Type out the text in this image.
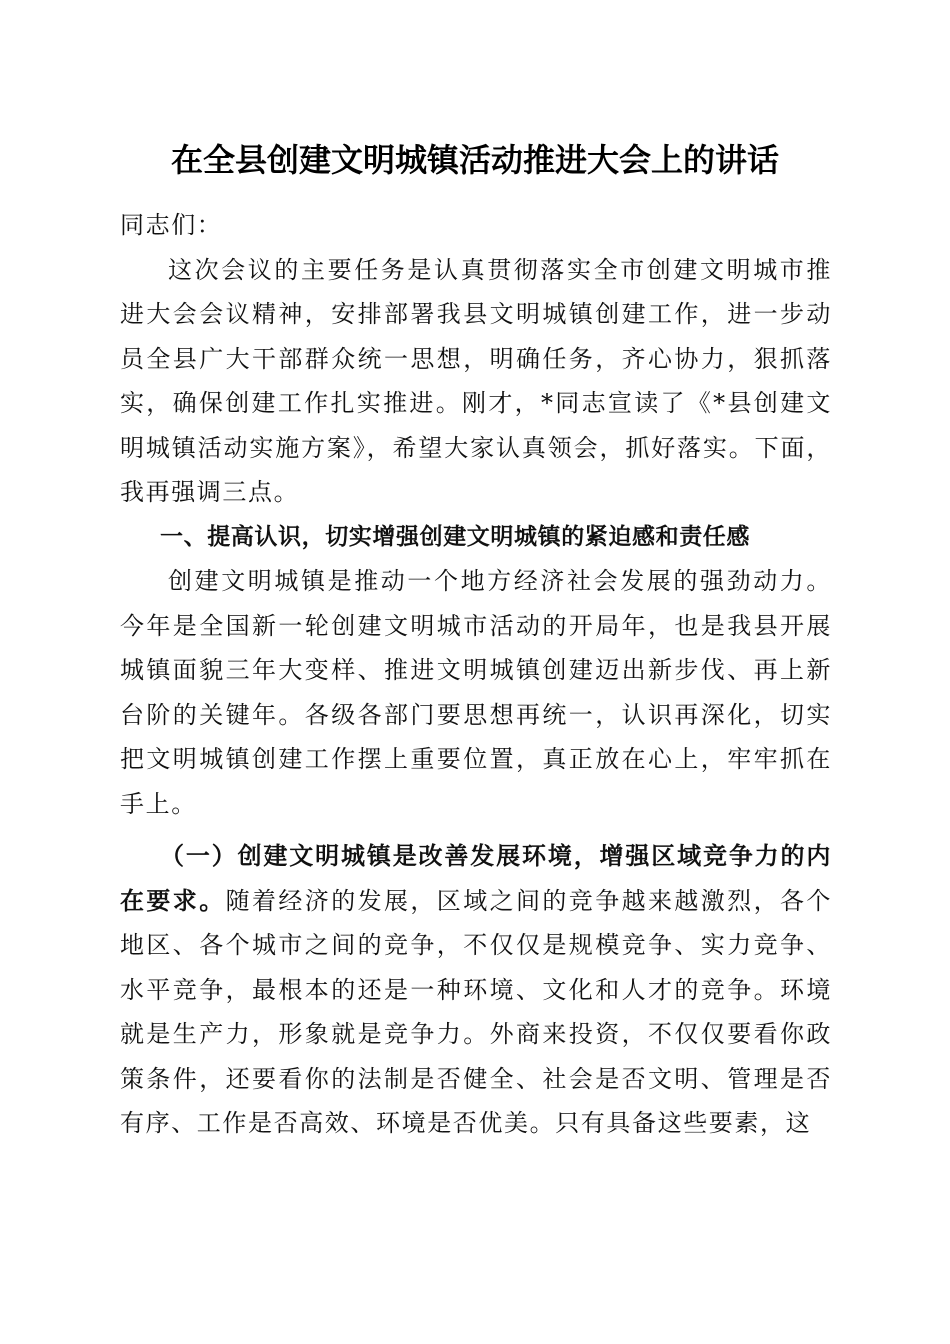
在全县创建文明城镇活动推进大会上的讲话

同志们：

这次会议的主要任务是认真贯彻落实全市创建文明城市推进大会会议精神，安排部署我县文明城镇创建工作，进一步动员全县广大干部群众统一思想，明确任务，齐心协力，狠抓落实，确保创建工作扎实推进。刚才，*同志宣读了《*县创建文明城镇活动实施方案》，希望大家认真领会，抓好落实。下面，我再强调三点。

一、提高认识，切实增强创建文明城镇的紧迫感和责任感

创建文明城镇是推动一个地方经济社会发展的强劲动力。今年是全国新一轮创建文明城市活动的开局年，也是我县开展城镇面貌三年大变样、推进文明城镇创建迈出新步伐、再上新台阶的关键年。各级各部门要思想再统一，认识再深化，切实把文明城镇创建工作摆上重要位置，真正放在心上，牢牢抓在手上。

（一）创建文明城镇是改善发展环境，增强区域竞争力的内在要求。随着经济的发展，区域之间的竞争越来越激烈，各个地区、各个城市之间的竞争，不仅仅是规模竞争、实力竞争、水平竞争，最根本的还是一种环境、文化和人才的竞争。环境就是生产力，形象就是竞争力。外商来投资，不仅仅要看你政策条件，还要看你的法制是否健全、社会是否文明、管理是否有序、工作是否高效、环境是否优美。只有具备这些要素，这
